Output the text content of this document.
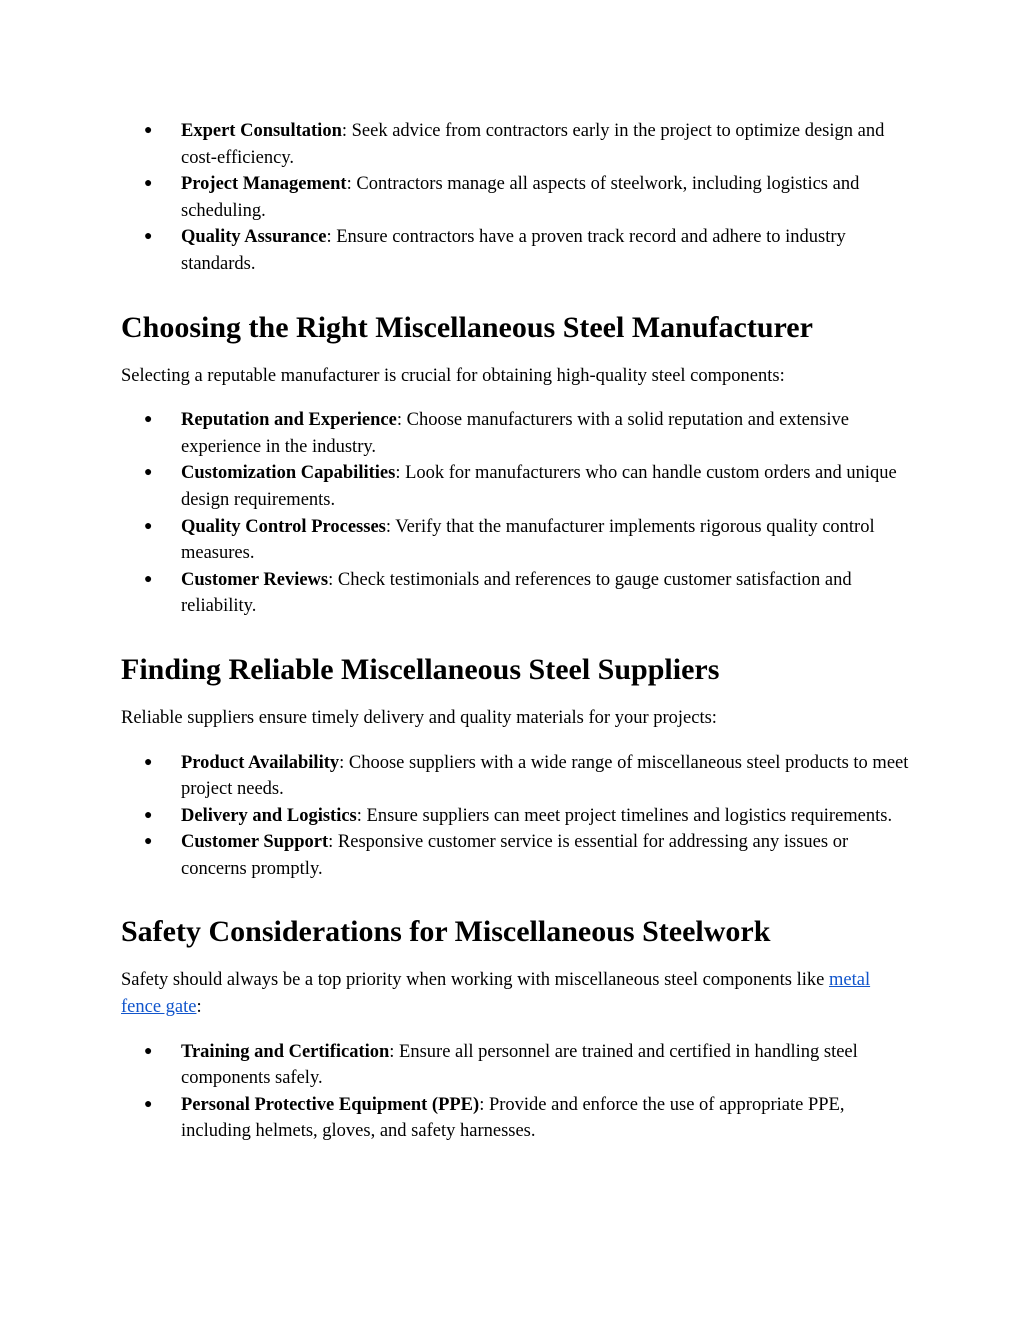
● Expert Consultation: Seek advice from contractors early in the project to optimize design and cost-efficiency.
● Project Management: Contractors manage all aspects of steelwork, including logistics and scheduling.
● Quality Assurance: Ensure contractors have a proven track record and adhere to industry standards.
Choosing the Right Miscellaneous Steel Manufacturer

Selecting a reputable manufacturer is crucial for obtaining high-quality steel components:

● Reputation and Experience: Choose manufacturers with a solid reputation and extensive experience in the industry.
● Customization Capabilities: Look for manufacturers who can handle custom orders and unique design requirements.
● Quality Control Processes: Verify that the manufacturer implements rigorous quality control measures.
● Customer Reviews: Check testimonials and references to gauge customer satisfaction and reliability.
Finding Reliable Miscellaneous Steel Suppliers

Reliable suppliers ensure timely delivery and quality materials for your projects:

● Product Availability: Choose suppliers with a wide range of miscellaneous steel products to meet project needs.
● Delivery and Logistics: Ensure suppliers can meet project timelines and logistics requirements.
● Customer Support: Responsive customer service is essential for addressing any issues or concerns promptly.
Safety Considerations for Miscellaneous Steelwork

Safety should always be a top priority when working with miscellaneous steel components like metal fence gate:

● Training and Certification: Ensure all personnel are trained and certified in handling steel components safely.
● Personal Protective Equipment (PPE): Provide and enforce the use of appropriate PPE, including helmets, gloves, and safety harnesses.
